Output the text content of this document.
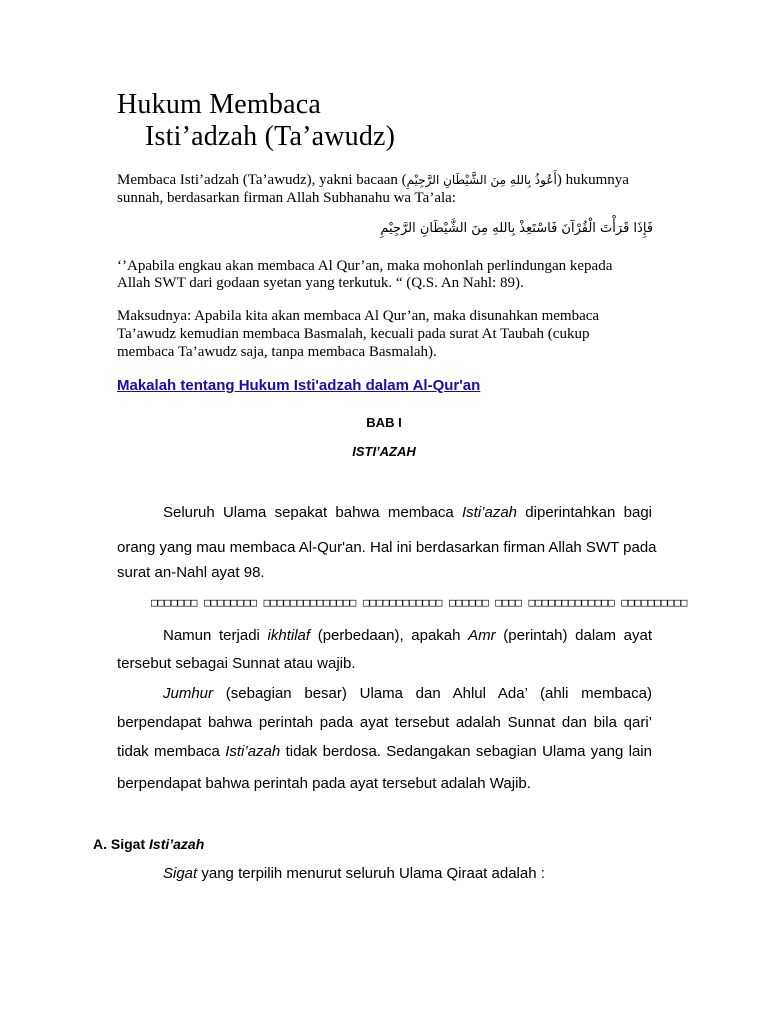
Hukum Membaca
Isti’adzah (Ta’awudz)
Membaca Isti’adzah (Ta’awudz), yakni bacaan (أَعُوذُ بِاللهِ مِنَ الشَّيْطَانِ الرَّجِيْمِ) hukumnya
sunnah, berdasarkan firman Allah Subhanahu wa Ta’ala:
فَإِذَا قَرَأْتَ الْقُرْآنَ فَاسْتَعِذْ بِاللهِ مِنَ الشَّيْطَانِ الرَّجِيْمِ
‘’Apabila engkau akan membaca Al Qur’an, maka mohonlah perlindungan kepada
Allah SWT dari godaan syetan yang terkutuk. “ (Q.S. An Nahl: 89).
Maksudnya: Apabila kita akan membaca Al Qur’an, maka disunahkan membaca
Ta’awudz kemudian membaca Basmalah, kecuali pada surat At Taubah (cukup
membaca Ta’awudz saja, tanpa membaca Basmalah).
Makalah tentang Hukum Isti'adzah dalam Al-Qur'an
BAB I
ISTI’AZAH
Seluruh Ulama sepakat bahwa membaca Isti’azah diperintahkan bagi
orang yang mau membaca Al-Qur'an. Hal ini berdasarkan firman Allah SWT pada
surat an-Nahl ayat 98.
□□□□□□□ □□□□□□□□ □□□□□□□□□□□□□□ □□□□□□□□□□□□ □□□□□□ □□□□ □□□□□□□□□□□□□ □□□□□□□□□□
Namun terjadi ikhtilaf (perbedaan), apakah Amr (perintah) dalam ayat
tersebut sebagai Sunnat atau wajib.
Jumhur (sebagian besar) Ulama dan Ahlul Ada’ (ahli membaca)
berpendapat bahwa perintah pada ayat tersebut adalah Sunnat dan bila qari’
tidak membaca Isti’azah tidak berdosa. Sedangakan sebagian Ulama yang lain
berpendapat bahwa perintah pada ayat tersebut adalah Wajib.
A. Sigat Isti’azah
Sigat yang terpilih menurut seluruh Ulama Qiraat adalah :
